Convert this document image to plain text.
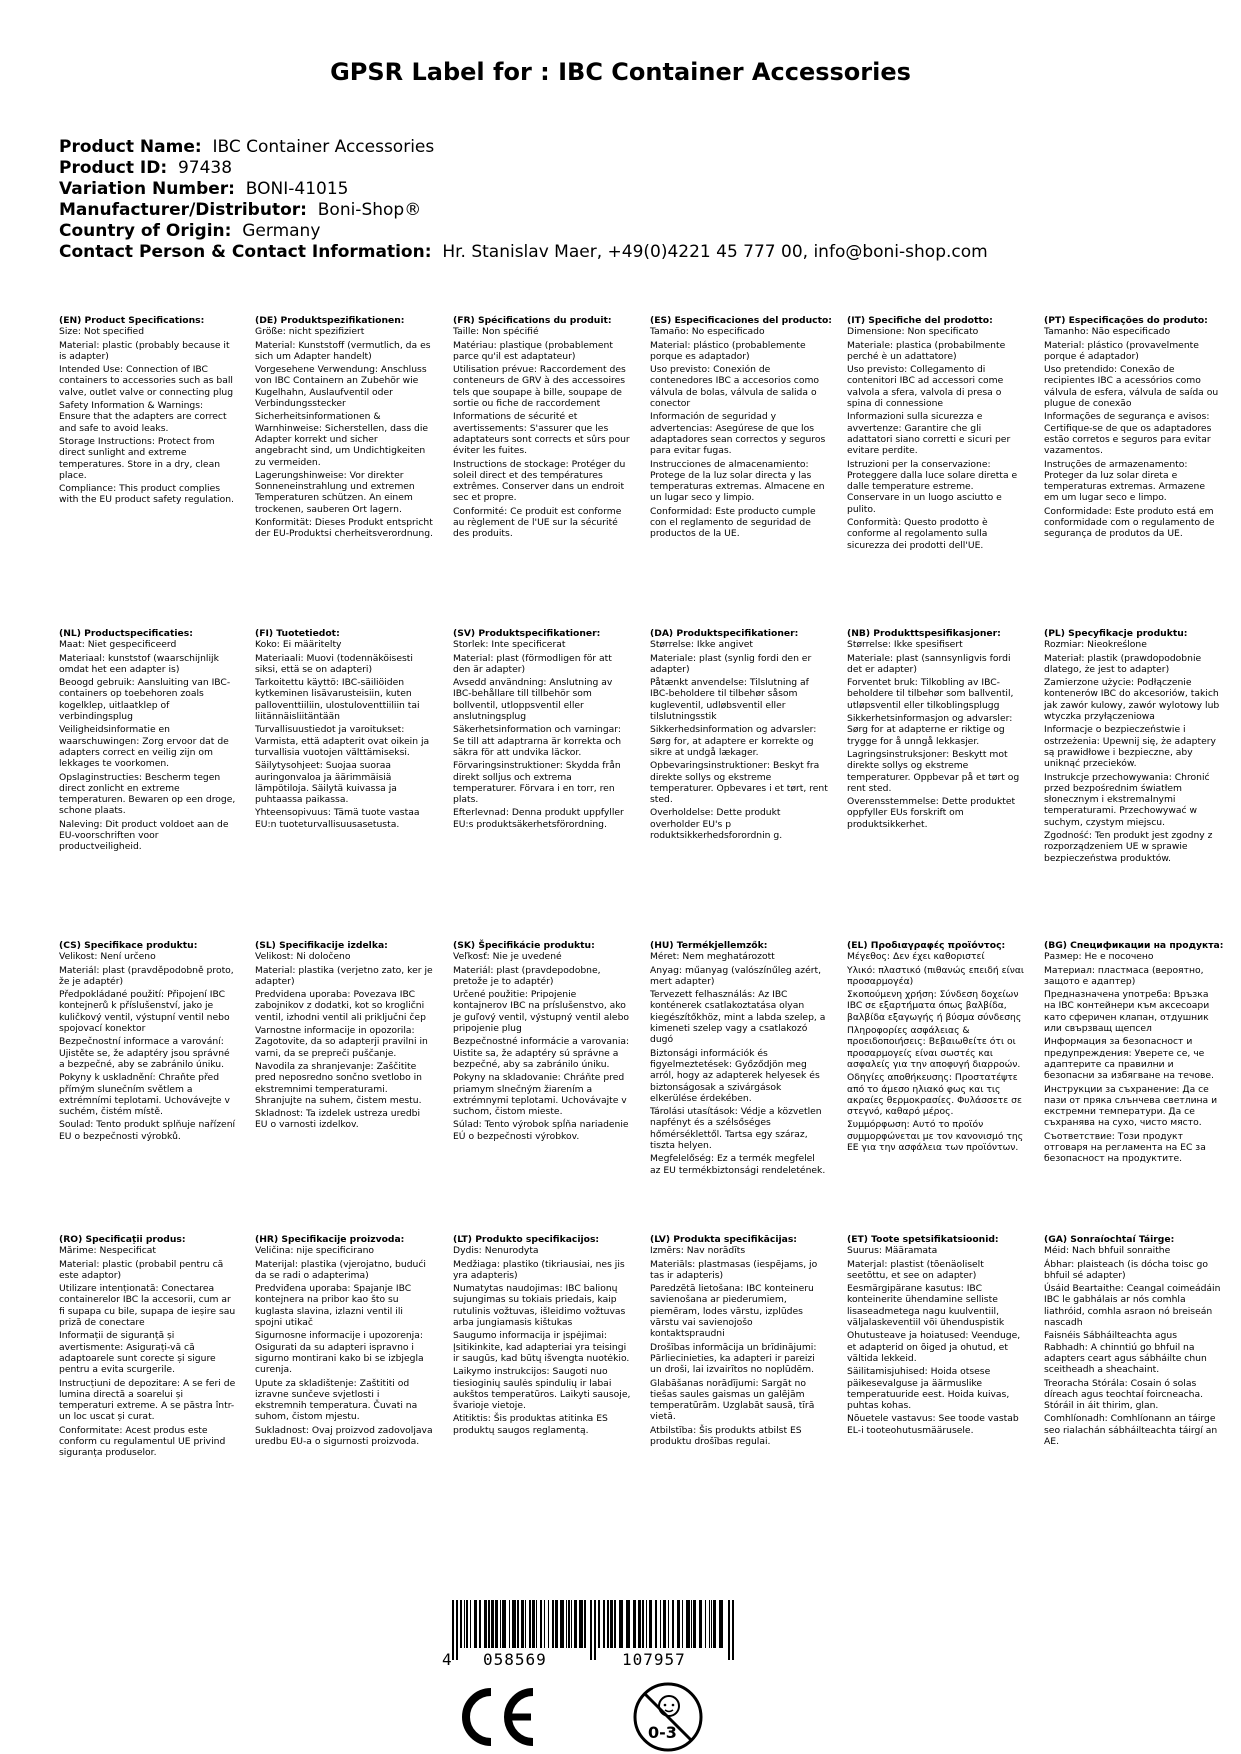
GPSR Label for : IBC Container Accessories
Product Name: IBC Container Accessories
Product ID: 97438
Variation Number: BONI-41015
Manufacturer/Distributor: Boni-Shop®
Country of Origin: Germany
Contact Person & Contact Information: Hr. Stanislav Maer, +49(0)4221 45 777 00, info@boni-shop.com
(EN) Product Specifications:
Size: Not specified
Material: plastic (probably because it is adapter)
Intended Use: Connection of IBC containers to accessories such as ball valve, outlet valve or connecting plug
Safety Information & Warnings: Ensure that the adapters are correct and safe to avoid leaks.
Storage Instructions: Protect from direct sunlight and extreme temperatures. Store in a dry, clean place.
Compliance: This product complies with the EU product safety regulation.
(DE) Produktspezifikationen:
Größe: nicht spezifiziert
Material: Kunststoff (vermutlich, da es sich um Adapter handelt)
Vorgesehene Verwendung: Anschluss von IBC Containern an Zubehör wie Kugelhahn, Auslaufventil oder Verbindungsstecker
Sicherheitsinformationen & Warnhinweise: Sicherstellen, dass die Adapter korrekt und sicher angebracht sind, um Undichtigkeiten zu vermeiden.
Lagerungshinweise: Vor direkter Sonneneinstrahlung und extremen Temperaturen schützen. An einem trockenen, sauberen Ort lagern.
Konformität: Dieses Produkt entspricht der EU-Produktsi cherheitsverordnung.
(FR) Spécifications du produit:
Taille: Non spécifié
Matériau: plastique (probablement parce qu'il est adaptateur)
Utilisation prévue: Raccordement des conteneurs de GRV à des accessoires tels que soupape à bille, soupape de sortie ou fiche de raccordement
Informations de sécurité et avertissements: S'assurer que les adaptateurs sont corrects et sûrs pour éviter les fuites.
Instructions de stockage: Protéger du soleil direct et des températures extrêmes. Conserver dans un endroit sec et propre.
Conformité: Ce produit est conforme au règlement de l'UE sur la sécurité des produits.
(ES) Especificaciones del producto:
Tamaño: No especificado
Material: plástico (probablemente porque es adaptador)
Uso previsto: Conexión de contenedores IBC a accesorios como válvula de bolas, válvula de salida o conector
Información de seguridad y advertencias: Asegúrese de que los adaptadores sean correctos y seguros para evitar fugas.
Instrucciones de almacenamiento: Protege de la luz solar directa y las temperaturas extremas. Almacene en un lugar seco y limpio.
Conformidad: Este producto cumple con el reglamento de seguridad de productos de la UE.
(IT) Specifiche del prodotto:
Dimensione: Non specificato
Materiale: plastica (probabilmente perché è un adattatore)
Uso previsto: Collegamento di contenitori IBC ad accessori come valvola a sfera, valvola di presa o spina di connessione
Informazioni sulla sicurezza e avvertenze: Garantire che gli adattatori siano corretti e sicuri per evitare perdite.
Istruzioni per la conservazione: Proteggere dalla luce solare diretta e dalle temperature estreme. Conservare in un luogo asciutto e pulito.
Conformità: Questo prodotto è conforme al regolamento sulla sicurezza dei prodotti dell'UE.
(PT) Especificações do produto:
Tamanho: Não especificado
Material: plástico (provavelmente porque é adaptador)
Uso pretendido: Conexão de recipientes IBC a acessórios como válvula de esfera, válvula de saída ou plugue de conexão
Informações de segurança e avisos: Certifique-se de que os adaptadores estão corretos e seguros para evitar vazamentos.
Instruções de armazenamento: Proteger da luz solar direta e temperaturas extremas. Armazene em um lugar seco e limpo.
Conformidade: Este produto está em conformidade com o regulamento de segurança de produtos da UE.
(NL) Productspecificaties:
Maat: Niet gespecificeerd
Materiaal: kunststof (waarschijnlijk omdat het een adapter is)
Beoogd gebruik: Aansluiting van IBC-containers op toebehoren zoals kogelklep, uitlaatklep of verbindingsplug
Veiligheidsinformatie en waarschuwingen: Zorg ervoor dat de adapters correct en veilig zijn om lekkages te voorkomen.
Opslaginstructies: Bescherm tegen direct zonlicht en extreme temperaturen. Bewaren op een droge, schone plaats.
Naleving: Dit product voldoet aan de EU-voorschriften voor productveiligheid.
(FI) Tuotetiedot:
Koko: Ei määritelty
Materiaali: Muovi (todennäköisesti siksi, että se on adapteri)
Tarkoitettu käyttö: IBC-säiliöiden kytkeminen lisävarusteisiin, kuten palloventtiiliin, ulostuloventtiiliin tai liitännäisliitäntään
Turvallisuustiedot ja varoitukset: Varmista, että adapterit ovat oikein ja turvallisia vuotojen välttämiseksi.
Säilytysohjeet: Suojaa suoraa auringonvaloa ja äärimmäisiä lämpötiloja. Säilytä kuivassa ja puhtaassa paikassa.
Yhteensopivuus: Tämä tuote vastaa EU:n tuoteturvallisuusasetusta.
(SV) Produktspecifikationer:
Storlek: Inte specificerat
Material: plast (förmodligen för att den är adapter)
Avsedd användning: Anslutning av IBC-behållare till tillbehör som bollventil, utloppsventil eller anslutningsplug
Säkerhetsinformation och varningar: Se till att adaptrarna är korrekta och säkra för att undvika läckor.
Förvaringsinstruktioner: Skydda från direkt solljus och extrema temperaturer. Förvara i en torr, ren plats.
Efterlevnad: Denna produkt uppfyller EU:s produktsäkerhetsförordning.
(DA) Produktspecifikationer:
Størrelse: Ikke angivet
Materiale: plast (synlig fordi den er adapter)
Påtænkt anvendelse: Tilslutning af IBC-beholdere til tilbehør såsom kugleventil, udløbsventil eller tilslutningsstik
Sikkerhedsinformation og advarsler: Sørg for, at adaptere er korrekte og sikre at undgå lækager.
Opbevaringsinstruktioner: Beskyt fra direkte sollys og ekstreme temperaturer. Opbevares i et tørt, rent sted.
Overholdelse: Dette produkt overholder EU's p roduktsikkerhedsforordnin g.
(NB) Produkttspesifikasjoner:
Størrelse: Ikke spesifisert
Materiale: plast (sannsynligvis fordi det er adapter)
Forventet bruk: Tilkobling av IBC-beholdere til tilbehør som ballventil, utløpsventil eller tilkoblingsplugg
Sikkerhetsinformasjon og advarsler: Sørg for at adapterne er riktige og trygge for å unngå lekkasjer.
Lagringsinstruksjoner: Beskytt mot direkte sollys og ekstreme temperaturer. Oppbevar på et tørt og rent sted.
Overensstemmelse: Dette produktet oppfyller EUs forskrift om produktsikkerhet.
(PL) Specyfikacje produktu:
Rozmiar: Nieokreślone
Materiał: plastik (prawdopodobnie dlatego, że jest to adapter)
Zamierzone użycie: Podłączenie kontenerów IBC do akcesoriów, takich jak zawór kulowy, zawór wylotowy lub wtyczka przyłączeniowa
Informacje o bezpieczeństwie i ostrzeżenia: Upewnij się, że adaptery są prawidłowe i bezpieczne, aby uniknąć przecieków.
Instrukcje przechowywania: Chronić przed bezpośrednim światłem słonecznym i ekstremalnymi temperaturami. Przechowywać w suchym, czystym miejscu.
Zgodność: Ten produkt jest zgodny z rozporządzeniem UE w sprawie bezpieczeństwa produktów.
(CS) Specifikace produktu:
Velikost: Není určeno
Materiál: plast (pravděpodobně proto, že je adaptér)
Předpokládané použití: Připojení IBC kontejnerů k příslušenství, jako je kuličkový ventil, výstupní ventil nebo spojovací konektor
Bezpečnostní informace a varování: Ujistěte se, že adaptéry jsou správné a bezpečné, aby se zabránilo úniku.
Pokyny k uskladnění: Chraňte před přímým slunečním světlem a extrémními teplotami. Uchovávejte v suchém, čistém místě.
Soulad: Tento produkt splňuje nařízení EU o bezpečnosti výrobků.
(SL) Specifikacije izdelka:
Velikost: Ni določeno
Material: plastika (verjetno zato, ker je adapter)
Predvidena uporaba: Povezava IBC zabojnikov z dodatki, kot so kroglični ventil, izhodni ventil ali priključni čep
Varnostne informacije in opozorila: Zagotovite, da so adapterji pravilni in varni, da se prepreči puščanje.
Navodila za shranjevanje: Zaščitite pred neposredno sončno svetlobo in ekstremnimi temperaturami. Shranjujte na suhem, čistem mestu.
Skladnost: Ta izdelek ustreza uredbi EU o varnosti izdelkov.
(SK) Špecifikácie produktu:
Veľkosť: Nie je uvedené
Materiál: plast (pravdepodobne, pretože je to adaptér)
Určené použitie: Pripojenie kontajnerov IBC na príslušenstvo, ako je guľový ventil, výstupný ventil alebo pripojenie plug
Bezpečnostné informácie a varovania: Uistite sa, že adaptéry sú správne a bezpečné, aby sa zabránilo úniku.
Pokyny na skladovanie: Chráňte pred priamym slnečným žiarením a extrémnymi teplotami. Uchovávajte v suchom, čistom mieste.
Súlad: Tento výrobok spĺňa nariadenie EÚ o bezpečnosti výrobkov.
(HU) Termékjellemzők:
Méret: Nem meghatározott
Anyag: műanyag (valószínűleg azért, mert adapter)
Tervezett felhasználás: Az IBC konténerek csatlakoztatása olyan kiegészítőkhöz, mint a labda szelep, a kimeneti szelep vagy a csatlakozó dugó
Biztonsági információk és figyelmeztetések: Győződjön meg arról, hogy az adapterek helyesek és biztonságosak a szivárgások elkerülése érdekében.
Tárolási utasítások: Védje a közvetlen napfényt és a szélsőséges hőmérséklettől. Tartsa egy száraz, tiszta helyen.
Megfelelőség: Ez a termék megfelel az EU termékbiztonsági rendeletének.
(EL) Προδιαγραφές προϊόντος:
Μέγεθος: Δεν έχει καθοριστεί
Υλικό: πλαστικό (πιθανώς επειδή είναι προσαρμογέα)
Σκοπούμενη χρήση: Σύνδεση δοχείων IBC σε εξαρτήματα όπως βαλβίδα, βαλβίδα εξαγωγής ή βύσμα σύνδεσης
Πληροφορίες ασφάλειας & προειδοποιήσεις: Βεβαιωθείτε ότι οι προσαρμογείς είναι σωστές και ασφαλείς για την αποφυγή διαρροών.
Οδηγίες αποθήκευσης: Προστατέψτε από το άμεσο ηλιακό φως και τις ακραίες θερμοκρασίες. Φυλάσσετε σε στεγνό, καθαρό μέρος.
Συμμόρφωση: Αυτό το προϊόν συμμορφώνεται με τον κανονισμό της ΕΕ για την ασφάλεια των προϊόντων.
(BG) Спецификации на продукта:
Размер: Не е посочено
Материал: пластмаса (вероятно, защото е адаптер)
Предназначена употреба: Връзка на IBC контейнери към аксесоари като сферичен клапан, отдушник или свързващ щепсел
Информация за безопасност и предупреждения: Уверете се, че адаптерите са правилни и безопасни за избягване на течове.
Инструкции за съхранение: Да се пази от пряка слънчева светлина и екстремни температури. Да се съхранява на сухо, чисто място.
Съответствие: Този продукт отговаря на регламента на ЕС за безопасност на продуктите.
(RO) Specificații produs:
Mărime: Nespecificat
Material: plastic (probabil pentru că este adaptor)
Utilizare intenționată: Conectarea containerelor IBC la accesorii, cum ar fi supapa cu bile, supapa de ieșire sau priză de conectare
Informații de siguranță și avertismente: Asigurați-vă că adaptoarele sunt corecte și sigure pentru a evita scurgerile.
Instrucțiuni de depozitare: A se feri de lumina directă a soarelui și temperaturi extreme. A se păstra într-un loc uscat și curat.
Conformitate: Acest produs este conform cu regulamentul UE privind siguranța produselor.
(HR) Specifikacije proizvoda:
Veličina: nije specificirano
Materijal: plastika (vjerojatno, budući da se radi o adapterima)
Predviđena uporaba: Spajanje IBC kontejnera na pribor kao što su kuglasta slavina, izlazni ventil ili spojni utikač
Sigurnosne informacije i upozorenja: Osigurati da su adapteri ispravno i sigurno montirani kako bi se izbjegla curenja.
Upute za skladištenje: Zaštititi od izravne sunčeve svjetlosti i ekstremnih temperatura. Čuvati na suhom, čistom mjestu.
Sukladnost: Ovaj proizvod zadovoljava uredbu EU-a o sigurnosti proizvoda.
(LT) Produkto specifikacijos:
Dydis: Nenurodyta
Medžiaga: plastiko (tikriausiai, nes jis yra adapteris)
Numatytas naudojimas: IBC balionų sujungimas su tokiais priedais, kaip rutulinis vožtuvas, išleidimo vožtuvas arba jungiamasis kištukas
Saugumo informacija ir įspėjimai: Įsitikinkite, kad adapteriai yra teisingi ir saugūs, kad būtų išvengta nuotėkio.
Laikymo instrukcijos: Saugoti nuo tiesioginių saulės spindulių ir labai aukštos temperatūros. Laikyti sausoje, švarioje vietoje.
Atitiktis: Šis produktas atitinka ES produktų saugos reglamentą.
(LV) Produkta specifikācijas:
Izmērs: Nav norādīts
Materiāls: plastmasas (iespējams, jo tas ir adapteris)
Paredzētā lietošana: IBC konteineru savienošana ar piederumiem, piemēram, lodes vārstu, izplūdes vārstu vai savienojošo kontaktspraudni
Drošības informācija un brīdinājumi: Pārliecinieties, ka adapteri ir pareizi un droši, lai izvairītos no noplūdēm.
Glabāšanas norādījumi: Sargāt no tiešas saules gaismas un galējām temperatūrām. Uzglabāt sausā, tīrā vietā.
Atbilstība: Šis produkts atbilst ES produktu drošības regulai.
(ET) Toote spetsifikatsioonid:
Suurus: Määramata
Materjal: plastist (tõenäoliselt seetõttu, et see on adapter)
Eesmärgipärane kasutus: IBC konteinerite ühendamine selliste lisaseadmetega nagu kuulventiil, väljalaskeventiil või ühenduspistik
Ohutusteave ja hoiatused: Veenduge, et adapterid on õiged ja ohutud, et vältida lekkeid.
Säilitamisjuhised: Hoida otsese päikesevalguse ja äärmuslike temperatuuride eest. Hoida kuivas, puhtas kohas.
Nõuetele vastavus: See toode vastab EL-i tooteohutusmäärusele.
(GA) Sonraíochtaí Táirge:
Méid: Nach bhfuil sonraithe
Ábhar: plaisteach (is dócha toisc go bhfuil sé adapter)
Úsáid Beartaithe: Ceangal coimeádáin IBC le gabhálais ar nós comhla liathróid, comhla asraon nó breiseán nascadh
Faisnéis Sábháilteachta agus Rabhadh: A chinntiú go bhfuil na adapters ceart agus sábháilte chun sceitheadh a sheachaint.
Treoracha Stórála: Cosain ó solas díreach agus teochtaí foircneacha. Stóráil in áit thirim, glan.
Comhlíonadh: Comhlíonann an táirge seo rialachán sábháilteachta táirgí an AE.
4 058569	107957
0-3
